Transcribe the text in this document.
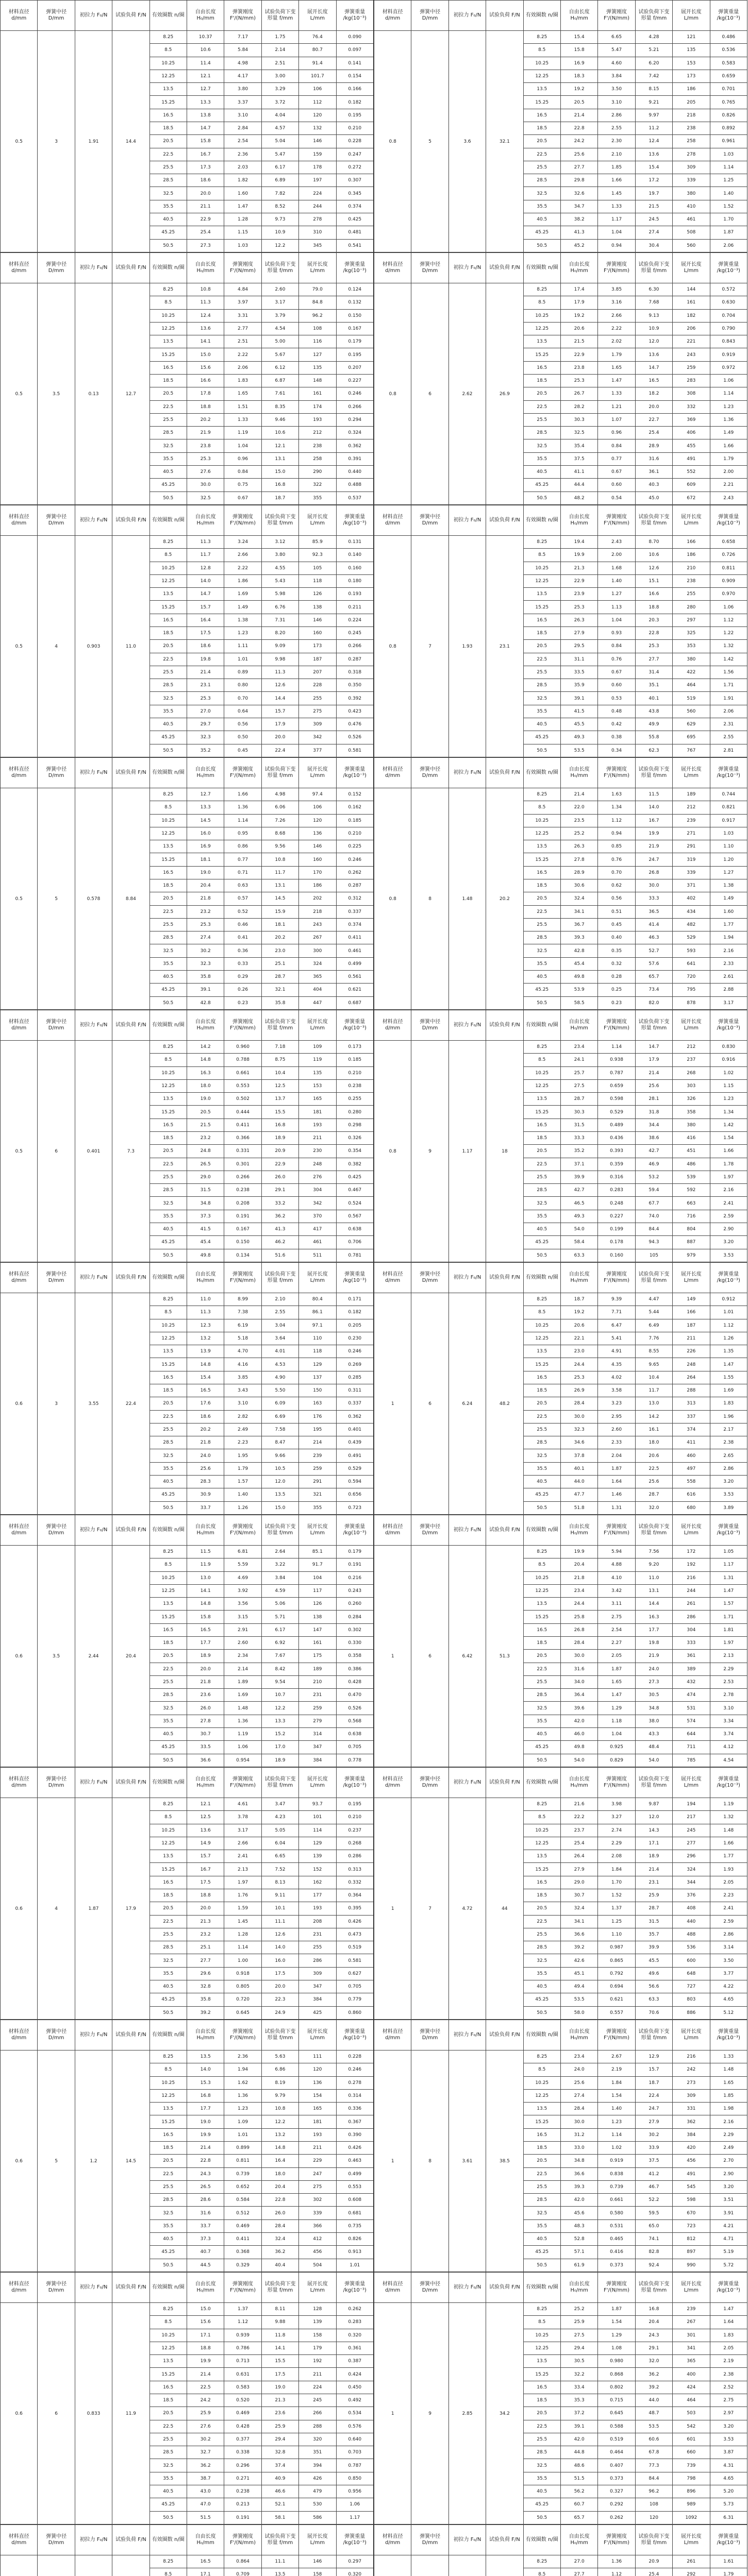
材料直径 d/mm	弹簧中径 D/mm	初拉力 F₀/N	试验负荷 F/N	有效圈数 n/圈	自由长度 H₀/mm	弹簧刚度 F'/(N/mm)	试验负荷下变形量 f/mm	展开长度 L/mm	弹簧重量 /kg(10⁻³)
0.5	3	1.91	14.4	8.25	10.37	7.17	1.75	76.4	0.090
				8.5	10.6	5.84	2.14	80.7	0.097
				10.25	11.4	4.98	2.51	91.4	0.141
				12.25	12.1	4.17	3.00	101.7	0.154
				13.5	12.7	3.80	3.29	106	0.166
				15.25	13.3	3.37	3.72	112	0.182
				16.5	13.8	3.10	4.04	120	0.195
				18.5	14.7	2.84	4.57	132	0.210
				20.5	15.8	2.54	5.04	146	0.228
				22.5	16.7	2.36	5.47	159	0.247
				25.5	17.3	2.03	6.17	178	0.272
				28.5	18.6	1.82	6.89	197	0.307
				32.5	20.0	1.60	7.82	224	0.345
				35.5	21.1	1.47	8.52	244	0.374
				40.5	22.9	1.28	9.73	278	0.425
				45.25	25.4	1.15	10.9	310	0.481
				50.5	27.3	1.03	12.2	345	0.541
材料直径 d/mm	弹簧中径 D/mm	初拉力 F₀/N	试验负荷 F/N	有效圈数 n/圈	自由长度 H₀/mm	弹簧刚度 F'/(N/mm)	试验负荷下变形量 f/mm	展开长度 L/mm	弹簧重量 /kg(10⁻³)
0.8	5	3.6	32.1	8.25	15.4	6.65	4.28	121	0.486
				8.5	15.8	5.47	5.21	135	0.536
				10.25	16.9	4.60	6.20	153	0.583
				12.25	18.3	3.84	7.42	173	0.659
				13.5	19.2	3.50	8.15	186	0.701
				15.25	20.5	3.10	9.21	205	0.765
				16.5	21.4	2.86	9.97	218	0.826
				18.5	22.8	2.55	11.2	238	0.892
				20.5	24.2	2.30	12.4	258	0.961
				22.5	25.6	2.10	13.6	278	1.03
				25.5	27.7	1.85	15.4	309	1.14
				28.5	29.8	1.66	17.2	339	1.25
				32.5	32.6	1.45	19.7	380	1.40
				35.5	34.7	1.33	21.5	410	1.52
				40.5	38.2	1.17	24.5	461	1.70
				45.25	41.3	1.04	27.4	508	1.87
				50.5	45.2	0.94	30.4	560	2.06
材料直径 d/mm	弹簧中径 D/mm	初拉力 F₀/N	试验负荷 F/N	有效圈数 n/圈	自由长度 H₀/mm	弹簧刚度 F'/(N/mm)	试验负荷下变形量 f/mm	展开长度 L/mm	弹簧重量 /kg(10⁻³)
0.5	3.5	0.13	12.7	8.25	10.8	4.84	2.60	79.0	0.124
				8.5	11.3	3.97	3.17	84.8	0.132
				10.25	12.4	3.31	3.79	96.2	0.150
				12.25	13.6	2.77	4.54	108	0.167
				13.5	14.1	2.51	5.00	116	0.179
				15.25	15.0	2.22	5.67	127	0.195
				16.5	15.6	2.06	6.12	135	0.207
				18.5	16.6	1.83	6.87	148	0.227
				20.5	17.8	1.65	7.61	161	0.246
				22.5	18.8	1.51	8.35	174	0.266
				25.5	20.2	1.33	9.46	193	0.294
				28.5	21.9	1.19	10.6	212	0.324
				32.5	23.8	1.04	12.1	238	0.362
				35.5	25.3	0.96	13.1	258	0.391
				40.5	27.6	0.84	15.0	290	0.440
				45.25	30.0	0.75	16.8	322	0.488
				50.5	32.5	0.67	18.7	355	0.537
材料直径 d/mm	弹簧中径 D/mm	初拉力 F₀/N	试验负荷 F/N	有效圈数 n/圈	自由长度 H₀/mm	弹簧刚度 F'/(N/mm)	试验负荷下变形量 f/mm	展开长度 L/mm	弹簧重量 /kg(10⁻³)
0.8	6	2.62	26.9	8.25	17.4	3.85	6.30	144	0.572
				8.5	17.9	3.16	7.68	161	0.630
				10.25	19.2	2.66	9.13	182	0.704
				12.25	20.6	2.22	10.9	206	0.790
				13.5	21.5	2.02	12.0	221	0.843
				15.25	22.9	1.79	13.6	243	0.919
				16.5	23.8	1.65	14.7	259	0.972
				18.5	25.3	1.47	16.5	283	1.06
				20.5	26.7	1.33	18.2	308	1.14
				22.5	28.2	1.21	20.0	332	1.23
				25.5	30.3	1.07	22.7	369	1.36
				28.5	32.5	0.96	25.4	406	1.49
				32.5	35.4	0.84	28.9	455	1.66
				35.5	37.5	0.77	31.6	491	1.79
				40.5	41.1	0.67	36.1	552	2.00
				45.25	44.4	0.60	40.3	609	2.21
				50.5	48.2	0.54	45.0	672	2.43
材料直径 d/mm	弹簧中径 D/mm	初拉力 F₀/N	试验负荷 F/N	有效圈数 n/圈	自由长度 H₀/mm	弹簧刚度 F'/(N/mm)	试验负荷下变形量 f/mm	展开长度 L/mm	弹簧重量 /kg(10⁻³)
0.5	4	0.903	11.0	8.25	11.3	3.24	3.12	85.9	0.131
				8.5	11.7	2.66	3.80	92.3	0.140
				10.25	12.8	2.22	4.55	105	0.160
				12.25	14.0	1.86	5.43	118	0.180
				13.5	14.7	1.69	5.98	126	0.193
				15.25	15.7	1.49	6.76	138	0.211
				16.5	16.4	1.38	7.31	146	0.224
				18.5	17.5	1.23	8.20	160	0.245
				20.5	18.6	1.11	9.09	173	0.266
				22.5	19.8	1.01	9.98	187	0.287
				25.5	21.4	0.89	11.3	207	0.318
				28.5	23.1	0.80	12.6	228	0.350
				32.5	25.3	0.70	14.4	255	0.392
				35.5	27.0	0.64	15.7	275	0.423
				40.5	29.7	0.56	17.9	309	0.476
				45.25	32.3	0.50	20.0	342	0.526
				50.5	35.2	0.45	22.4	377	0.581
材料直径 d/mm	弹簧中径 D/mm	初拉力 F₀/N	试验负荷 F/N	有效圈数 n/圈	自由长度 H₀/mm	弹簧刚度 F'/(N/mm)	试验负荷下变形量 f/mm	展开长度 L/mm	弹簧重量 /kg(10⁻³)
0.8	7	1.93	23.1	8.25	19.4	2.43	8.70	166	0.658
				8.5	19.9	2.00	10.6	186	0.726
				10.25	21.3	1.68	12.6	210	0.811
				12.25	22.9	1.40	15.1	238	0.909
				13.5	23.9	1.27	16.6	255	0.970
				15.25	25.3	1.13	18.8	280	1.06
				16.5	26.3	1.04	20.3	297	1.12
				18.5	27.9	0.93	22.8	325	1.22
				20.5	29.5	0.84	25.3	353	1.32
				22.5	31.1	0.76	27.7	380	1.42
				25.5	33.5	0.67	31.4	422	1.56
				28.5	35.9	0.60	35.1	464	1.71
				32.5	39.1	0.53	40.1	519	1.91
				35.5	41.5	0.48	43.8	560	2.06
				40.5	45.5	0.42	49.9	629	2.31
				45.25	49.3	0.38	55.8	695	2.55
				50.5	53.5	0.34	62.3	767	2.81
材料直径 d/mm	弹簧中径 D/mm	初拉力 F₀/N	试验负荷 F/N	有效圈数 n/圈	自由长度 H₀/mm	弹簧刚度 F'/(N/mm)	试验负荷下变形量 f/mm	展开长度 L/mm	弹簧重量 /kg(10⁻³)
0.5	5	0.578	8.84	8.25	12.7	1.66	4.98	97.4	0.152
				8.5	13.3	1.36	6.06	106	0.162
				10.25	14.5	1.14	7.26	120	0.185
				12.25	16.0	0.95	8.68	136	0.210
				13.5	16.9	0.86	9.56	146	0.225
				15.25	18.1	0.77	10.8	160	0.246
				16.5	19.0	0.71	11.7	170	0.262
				18.5	20.4	0.63	13.1	186	0.287
				20.5	21.8	0.57	14.5	202	0.312
				22.5	23.2	0.52	15.9	218	0.337
				25.5	25.3	0.46	18.1	243	0.374
				28.5	27.4	0.41	20.2	267	0.411
				32.5	30.2	0.36	23.0	300	0.461
				35.5	32.3	0.33	25.1	324	0.499
				40.5	35.8	0.29	28.7	365	0.561
				45.25	39.1	0.26	32.1	404	0.621
				50.5	42.8	0.23	35.8	447	0.687
材料直径 d/mm	弹簧中径 D/mm	初拉力 F₀/N	试验负荷 F/N	有效圈数 n/圈	自由长度 H₀/mm	弹簧刚度 F'/(N/mm)	试验负荷下变形量 f/mm	展开长度 L/mm	弹簧重量 /kg(10⁻³)
0.8	8	1.48	20.2	8.25	21.4	1.63	11.5	189	0.744
				8.5	22.0	1.34	14.0	212	0.821
				10.25	23.5	1.12	16.7	239	0.917
				12.25	25.2	0.94	19.9	271	1.03
				13.5	26.3	0.85	21.9	291	1.10
				15.25	27.8	0.76	24.7	319	1.20
				16.5	28.9	0.70	26.8	339	1.27
				18.5	30.6	0.62	30.0	371	1.38
				20.5	32.4	0.56	33.3	402	1.49
				22.5	34.1	0.51	36.5	434	1.60
				25.5	36.7	0.45	41.4	482	1.77
				28.5	39.3	0.40	46.3	529	1.94
				32.5	42.8	0.35	52.7	593	2.16
				35.5	45.4	0.32	57.6	641	2.33
				40.5	49.8	0.28	65.7	720	2.61
				45.25	53.9	0.25	73.4	795	2.88
				50.5	58.5	0.23	82.0	878	3.17
材料直径 d/mm	弹簧中径 D/mm	初拉力 F₀/N	试验负荷 F/N	有效圈数 n/圈	自由长度 H₀/mm	弹簧刚度 F'/(N/mm)	试验负荷下变形量 f/mm	展开长度 L/mm	弹簧重量 /kg(10⁻³)
0.5	6	0.401	7.3	8.25	14.2	0.960	7.18	109	0.173
				8.5	14.8	0.788	8.75	119	0.185
				10.25	16.3	0.661	10.4	135	0.210
				12.25	18.0	0.553	12.5	153	0.238
				13.5	19.0	0.502	13.7	165	0.255
				15.25	20.5	0.444	15.5	181	0.280
				16.5	21.5	0.411	16.8	193	0.298
				18.5	23.2	0.366	18.9	211	0.326
				20.5	24.8	0.331	20.9	230	0.354
				22.5	26.5	0.301	22.9	248	0.382
				25.5	29.0	0.266	26.0	276	0.425
				28.5	31.5	0.238	29.1	304	0.467
				32.5	34.8	0.208	33.2	342	0.524
				35.5	37.3	0.191	36.2	370	0.567
				40.5	41.5	0.167	41.3	417	0.638
				45.25	45.4	0.150	46.2	461	0.706
				50.5	49.8	0.134	51.6	511	0.781
材料直径 d/mm	弹簧中径 D/mm	初拉力 F₀/N	试验负荷 F/N	有效圈数 n/圈	自由长度 H₀/mm	弹簧刚度 F'/(N/mm)	试验负荷下变形量 f/mm	展开长度 L/mm	弹簧重量 /kg(10⁻³)
0.8	9	1.17	18	8.25	23.4	1.14	14.7	212	0.830
				8.5	24.1	0.938	17.9	237	0.916
				10.25	25.7	0.787	21.4	268	1.02
				12.25	27.5	0.659	25.6	303	1.15
				13.5	28.7	0.598	28.1	326	1.23
				15.25	30.3	0.529	31.8	358	1.34
				16.5	31.5	0.489	34.4	380	1.42
				18.5	33.3	0.436	38.6	416	1.54
				20.5	35.2	0.393	42.7	451	1.66
				22.5	37.1	0.359	46.9	486	1.78
				25.5	39.9	0.316	53.2	539	1.97
				28.5	42.7	0.283	59.4	592	2.16
				32.5	46.5	0.248	67.7	663	2.41
				35.5	49.3	0.227	74.0	716	2.59
				40.5	54.0	0.199	84.4	804	2.90
				45.25	58.4	0.178	94.3	887	3.20
				50.5	63.3	0.160	105	979	3.53
材料直径 d/mm	弹簧中径 D/mm	初拉力 F₀/N	试验负荷 F/N	有效圈数 n/圈	自由长度 H₀/mm	弹簧刚度 F'/(N/mm)	试验负荷下变形量 f/mm	展开长度 L/mm	弹簧重量 /kg(10⁻³)
0.6	3	3.55	22.4	8.25	11.0	8.99	2.10	80.4	0.171
				8.5	11.3	7.38	2.55	86.1	0.182
				10.25	12.3	6.19	3.04	97.1	0.205
				12.25	13.2	5.18	3.64	110	0.230
				13.5	13.9	4.70	4.01	118	0.246
				15.25	14.8	4.16	4.53	129	0.269
				16.5	15.4	3.85	4.90	137	0.285
				18.5	16.5	3.43	5.50	150	0.311
				20.5	17.6	3.10	6.09	163	0.337
				22.5	18.6	2.82	6.69	176	0.362
				25.5	20.2	2.49	7.58	195	0.401
				28.5	21.8	2.23	8.47	214	0.439
				32.5	24.0	1.95	9.66	239	0.491
				35.5	25.6	1.79	10.5	259	0.529
				40.5	28.3	1.57	12.0	291	0.594
				45.25	30.9	1.40	13.5	321	0.656
				50.5	33.7	1.26	15.0	355	0.723
材料直径 d/mm	弹簧中径 D/mm	初拉力 F₀/N	试验负荷 F/N	有效圈数 n/圈	自由长度 H₀/mm	弹簧刚度 F'/(N/mm)	试验负荷下变形量 f/mm	展开长度 L/mm	弹簧重量 /kg(10⁻³)
1	6	6.24	48.2	8.25	18.7	9.39	4.47	149	0.912
				8.5	19.2	7.71	5.44	166	1.01
				10.25	20.6	6.47	6.49	187	1.12
				12.25	22.1	5.41	7.76	211	1.26
				13.5	23.0	4.91	8.55	226	1.35
				15.25	24.4	4.35	9.65	248	1.47
				16.5	25.3	4.02	10.4	264	1.55
				18.5	26.9	3.58	11.7	288	1.69
				20.5	28.4	3.23	13.0	313	1.83
				22.5	30.0	2.95	14.2	337	1.96
				25.5	32.3	2.60	16.1	374	2.17
				28.5	34.6	2.33	18.0	411	2.38
				32.5	37.8	2.04	20.6	460	2.65
				35.5	40.1	1.87	22.5	497	2.86
				40.5	44.0	1.64	25.6	558	3.20
				45.25	47.7	1.46	28.7	616	3.53
				50.5	51.8	1.31	32.0	680	3.89
材料直径 d/mm	弹簧中径 D/mm	初拉力 F₀/N	试验负荷 F/N	有效圈数 n/圈	自由长度 H₀/mm	弹簧刚度 F'/(N/mm)	试验负荷下变形量 f/mm	展开长度 L/mm	弹簧重量 /kg(10⁻³)
0.6	3.5	2.44	20.4	8.25	11.5	6.81	2.64	85.1	0.179
				8.5	11.9	5.59	3.22	91.7	0.191
				10.25	13.0	4.69	3.84	104	0.216
				12.25	14.1	3.92	4.59	117	0.243
				13.5	14.8	3.56	5.06	126	0.260
				15.25	15.8	3.15	5.71	138	0.284
				16.5	16.5	2.91	6.17	147	0.302
				18.5	17.7	2.60	6.92	161	0.330
				20.5	18.9	2.34	7.67	175	0.358
				22.5	20.0	2.14	8.42	189	0.386
				25.5	21.8	1.89	9.54	210	0.428
				28.5	23.6	1.69	10.7	231	0.470
				32.5	26.0	1.48	12.2	259	0.526
				35.5	27.8	1.36	13.3	279	0.568
				40.5	30.7	1.19	15.2	314	0.638
				45.25	33.5	1.06	17.0	347	0.705
				50.5	36.6	0.954	18.9	384	0.778
材料直径 d/mm	弹簧中径 D/mm	初拉力 F₀/N	试验负荷 F/N	有效圈数 n/圈	自由长度 H₀/mm	弹簧刚度 F'/(N/mm)	试验负荷下变形量 f/mm	展开长度 L/mm	弹簧重量 /kg(10⁻³)
1	6	6.42	51.3	8.25	19.9	5.94	7.56	172	1.05
				8.5	20.4	4.88	9.20	192	1.17
				10.25	21.8	4.10	11.0	216	1.31
				12.25	23.4	3.42	13.1	244	1.47
				13.5	24.4	3.11	14.4	261	1.57
				15.25	25.8	2.75	16.3	286	1.71
				16.5	26.8	2.54	17.7	304	1.81
				18.5	28.4	2.27	19.8	333	1.97
				20.5	30.0	2.05	21.9	361	2.13
				22.5	31.6	1.87	24.0	389	2.29
				25.5	34.0	1.65	27.3	432	2.53
				28.5	36.4	1.47	30.5	474	2.78
				32.5	39.6	1.29	34.8	531	3.10
				35.5	42.0	1.18	38.0	574	3.34
				40.5	46.0	1.04	43.3	644	3.74
				45.25	49.8	0.925	48.4	711	4.12
				50.5	54.0	0.829	54.0	785	4.54
材料直径 d/mm	弹簧中径 D/mm	初拉力 F₀/N	试验负荷 F/N	有效圈数 n/圈	自由长度 H₀/mm	弹簧刚度 F'/(N/mm)	试验负荷下变形量 f/mm	展开长度 L/mm	弹簧重量 /kg(10⁻³)
0.6	4	1.87	17.9	8.25	12.1	4.61	3.47	93.7	0.195
				8.5	12.5	3.78	4.23	101	0.210
				10.25	13.6	3.17	5.05	114	0.237
				12.25	14.9	2.66	6.04	129	0.268
				13.5	15.7	2.41	6.65	139	0.286
				15.25	16.7	2.13	7.52	152	0.313
				16.5	17.5	1.97	8.13	162	0.332
				18.5	18.8	1.76	9.11	177	0.364
				20.5	20.0	1.59	10.1	193	0.395
				22.5	21.3	1.45	11.1	208	0.426
				25.5	23.2	1.28	12.6	231	0.473
				28.5	25.1	1.14	14.0	255	0.519
				32.5	27.7	1.00	16.0	286	0.581
				35.5	29.6	0.918	17.5	309	0.627
				40.5	32.8	0.805	20.0	347	0.705
				45.25	35.8	0.720	22.3	384	0.779
				50.5	39.2	0.645	24.9	425	0.860
材料直径 d/mm	弹簧中径 D/mm	初拉力 F₀/N	试验负荷 F/N	有效圈数 n/圈	自由长度 H₀/mm	弹簧刚度 F'/(N/mm)	试验负荷下变形量 f/mm	展开长度 L/mm	弹簧重量 /kg(10⁻³)
1	7	4.72	44	8.25	21.6	3.98	9.87	194	1.19
				8.5	22.2	3.27	12.0	217	1.32
				10.25	23.7	2.74	14.3	245	1.48
				12.25	25.4	2.29	17.1	277	1.66
				13.5	26.4	2.08	18.9	296	1.77
				15.25	27.9	1.84	21.4	324	1.93
				16.5	29.0	1.70	23.1	344	2.05
				18.5	30.7	1.52	25.9	376	2.23
				20.5	32.4	1.37	28.7	408	2.41
				22.5	34.1	1.25	31.5	440	2.59
				25.5	36.6	1.10	35.7	488	2.86
				28.5	39.2	0.987	39.9	536	3.14
				32.5	42.6	0.865	45.5	600	3.50
				35.5	45.1	0.792	49.6	648	3.77
				40.5	49.4	0.694	56.6	727	4.22
				45.25	53.5	0.621	63.3	803	4.65
				50.5	58.0	0.557	70.6	886	5.12
材料直径 d/mm	弹簧中径 D/mm	初拉力 F₀/N	试验负荷 F/N	有效圈数 n/圈	自由长度 H₀/mm	弹簧刚度 F'/(N/mm)	试验负荷下变形量 f/mm	展开长度 L/mm	弹簧重量 /kg(10⁻³)
0.6	5	1.2	14.5	8.25	13.5	2.36	5.63	111	0.228
				8.5	14.0	1.94	6.86	120	0.246
				10.25	15.3	1.62	8.19	136	0.278
				12.25	16.8	1.36	9.79	154	0.314
				13.5	17.7	1.23	10.8	165	0.336
				15.25	19.0	1.09	12.2	181	0.367
				16.5	19.9	1.01	13.2	193	0.390
				18.5	21.4	0.899	14.8	211	0.426
				20.5	22.8	0.811	16.4	229	0.463
				22.5	24.3	0.739	18.0	247	0.499
				25.5	26.5	0.652	20.4	275	0.553
				28.5	28.6	0.584	22.8	302	0.608
				32.5	31.6	0.512	26.0	339	0.681
				35.5	33.7	0.469	28.4	366	0.735
				40.5	37.3	0.411	32.4	412	0.826
				45.25	40.7	0.368	36.2	456	0.913
				50.5	44.5	0.329	40.4	504	1.01
材料直径 d/mm	弹簧中径 D/mm	初拉力 F₀/N	试验负荷 F/N	有效圈数 n/圈	自由长度 H₀/mm	弹簧刚度 F'/(N/mm)	试验负荷下变形量 f/mm	展开长度 L/mm	弹簧重量 /kg(10⁻³)
1	8	3.61	38.5	8.25	23.4	2.67	12.9	216	1.33
				8.5	24.0	2.19	15.7	242	1.48
				10.25	25.6	1.84	18.7	273	1.65
				12.25	27.4	1.54	22.4	309	1.85
				13.5	28.4	1.40	24.7	331	1.98
				15.25	30.0	1.23	27.9	362	2.16
				16.5	31.2	1.14	30.2	384	2.29
				18.5	33.0	1.02	33.9	420	2.49
				20.5	34.8	0.919	37.5	456	2.70
				22.5	36.6	0.838	41.2	491	2.90
				25.5	39.3	0.739	46.7	545	3.20
				28.5	42.0	0.661	52.2	598	3.51
				32.5	45.6	0.580	59.5	670	3.91
				35.5	48.3	0.531	65.0	723	4.21
				40.5	52.8	0.465	74.1	812	4.71
				45.25	57.1	0.416	82.8	897	5.19
				50.5	61.9	0.373	92.4	990	5.72
材料直径 d/mm	弹簧中径 D/mm	初拉力 F₀/N	试验负荷 F/N	有效圈数 n/圈	自由长度 H₀/mm	弹簧刚度 F'/(N/mm)	试验负荷下变形量 f/mm	展开长度 L/mm	弹簧重量 /kg(10⁻³)
0.6	6	0.833	11.9	8.25	15.0	1.37	8.11	128	0.262
				8.5	15.6	1.12	9.88	139	0.283
				10.25	17.1	0.939	11.8	158	0.320
				12.25	18.8	0.786	14.1	179	0.361
				13.5	19.9	0.713	15.5	192	0.387
				15.25	21.4	0.631	17.5	211	0.424
				16.5	22.5	0.583	19.0	224	0.450
				18.5	24.2	0.520	21.3	245	0.492
				20.5	25.9	0.469	23.6	266	0.534
				22.5	27.6	0.428	25.9	288	0.576
				25.5	30.2	0.377	29.4	320	0.640
				28.5	32.7	0.338	32.8	351	0.703
				32.5	36.2	0.296	37.4	394	0.787
				35.5	38.7	0.271	40.9	426	0.850
				40.5	43.0	0.238	46.6	479	0.956
				45.25	47.0	0.213	52.1	530	1.06
				50.5	51.5	0.191	58.1	586	1.17
材料直径 d/mm	弹簧中径 D/mm	初拉力 F₀/N	试验负荷 F/N	有效圈数 n/圈	自由长度 H₀/mm	弹簧刚度 F'/(N/mm)	试验负荷下变形量 f/mm	展开长度 L/mm	弹簧重量 /kg(10⁻³)
1	9	2.85	34.2	8.25	25.2	1.87	16.8	239	1.47
				8.5	25.9	1.54	20.4	267	1.64
				10.25	27.5	1.29	24.3	301	1.83
				12.25	29.4	1.08	29.1	341	2.05
				13.5	30.5	0.980	32.0	365	2.19
				15.25	32.2	0.868	36.2	400	2.38
				16.5	33.4	0.802	39.2	424	2.52
				18.5	35.3	0.715	44.0	464	2.75
				20.5	37.2	0.645	48.7	503	2.97
				22.5	39.1	0.588	53.5	542	3.20
				25.5	42.0	0.519	60.6	601	3.53
				28.5	44.8	0.464	67.8	660	3.87
				32.5	48.6	0.407	77.3	739	4.31
				35.5	51.5	0.373	84.4	798	4.65
				40.5	56.2	0.327	96.2	896	5.20
				45.25	60.7	0.292	108	989	5.73
				50.5	65.7	0.262	120	1092	6.31
材料直径 d/mm	弹簧中径 D/mm	初拉力 F₀/N	试验负荷 F/N	有效圈数 n/圈	自由长度 H₀/mm	弹簧刚度 F'/(N/mm)	试验负荷下变形量 f/mm	展开长度 L/mm	弹簧重量 /kg(10⁻³)
				8.25	16.5	0.864	11.1	146	0.297
				8.5	17.1	0.709	13.5	158	0.320

材料直径 d/mm	弹簧中径 D/mm	初拉力 F₀/N	试验负荷 F/N	有效圈数 n/圈	自由长度 H₀/mm	弹簧刚度 F'/(N/mm)	试验负荷下变形量 f/mm	展开长度 L/mm	弹簧重量 /kg(10⁻³)
				8.25	27.0	1.36	20.9	261	1.61
				8.5	27.7	1.12	25.4	292	1.79
